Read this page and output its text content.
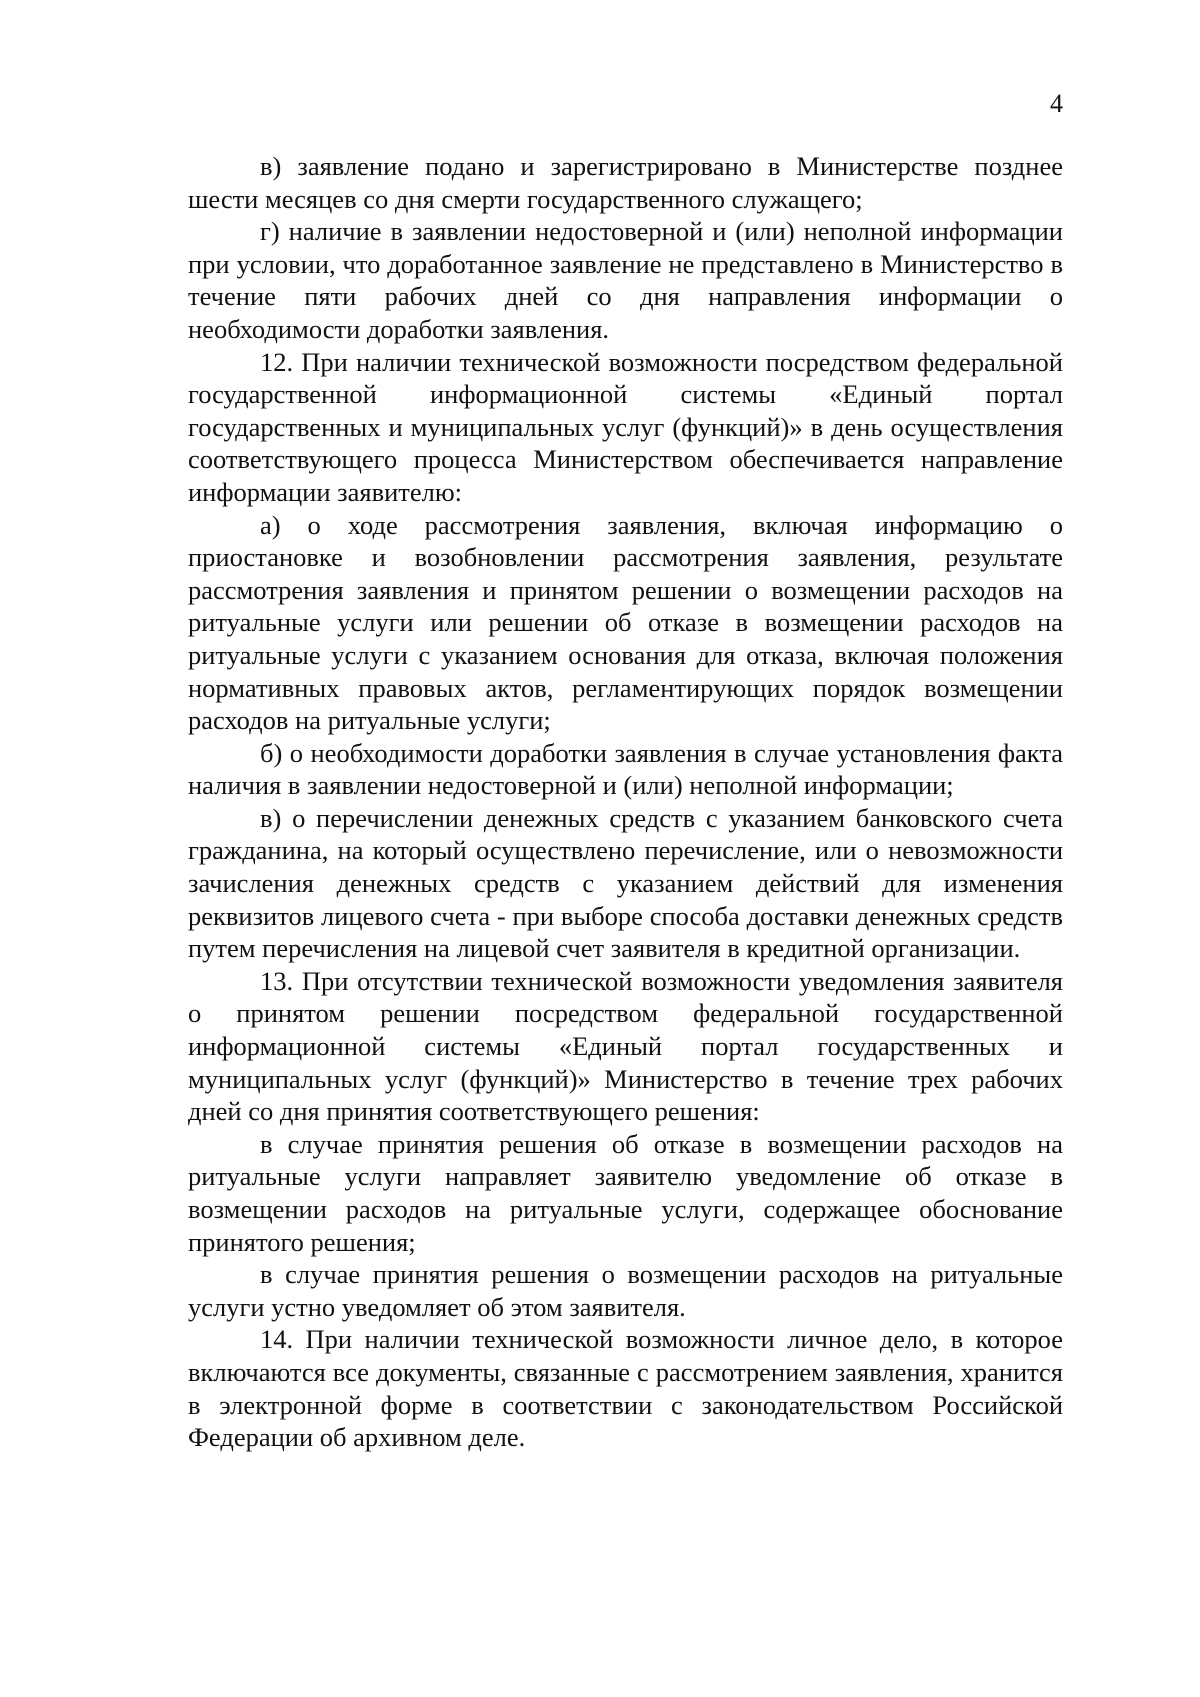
4

в) заявление подано и зарегистрировано в Министерстве позднее шести месяцев со дня смерти государственного служащего;

г) наличие в заявлении недостоверной и (или) неполной информации при условии, что доработанное заявление не представлено в Министерство в течение пяти рабочих дней со дня направления информации о необходимости доработки заявления.

12. При наличии технической возможности посредством федеральной государственной информационной системы «Единый портал государственных и муниципальных услуг (функций)» в день осуществления соответствующего процесса Министерством обеспечивается направление информации заявителю:

а) о ходе рассмотрения заявления, включая информацию о приостановке и возобновлении рассмотрения заявления, результате рассмотрения заявления и принятом решении о возмещении расходов на ритуальные услуги или решении об отказе в возмещении расходов на ритуальные услуги с указанием основания для отказа, включая положения нормативных правовых актов, регламентирующих порядок возмещении расходов на ритуальные услуги;

б) о необходимости доработки заявления в случае установления факта наличия в заявлении недостоверной и (или) неполной информации;

в) о перечислении денежных средств с указанием банковского счета гражданина, на который осуществлено перечисление, или о невозможности зачисления денежных средств с указанием действий для изменения реквизитов лицевого счета - при выборе способа доставки денежных средств путем перечисления на лицевой счет заявителя в кредитной организации.

13. При отсутствии технической возможности уведомления заявителя о принятом решении посредством федеральной государственной информационной системы «Единый портал государственных и муниципальных услуг (функций)» Министерство в течение трех рабочих дней со дня принятия соответствующего решения:

в случае принятия решения об отказе в возмещении расходов на ритуальные услуги направляет заявителю уведомление об отказе в возмещении расходов на ритуальные услуги, содержащее обоснование принятого решения;

в случае принятия решения о возмещении расходов на ритуальные услуги устно уведомляет об этом заявителя.

14. При наличии технической возможности личное дело, в которое включаются все документы, связанные с рассмотрением заявления, хранится в электронной форме в соответствии с законодательством Российской Федерации об архивном деле.
